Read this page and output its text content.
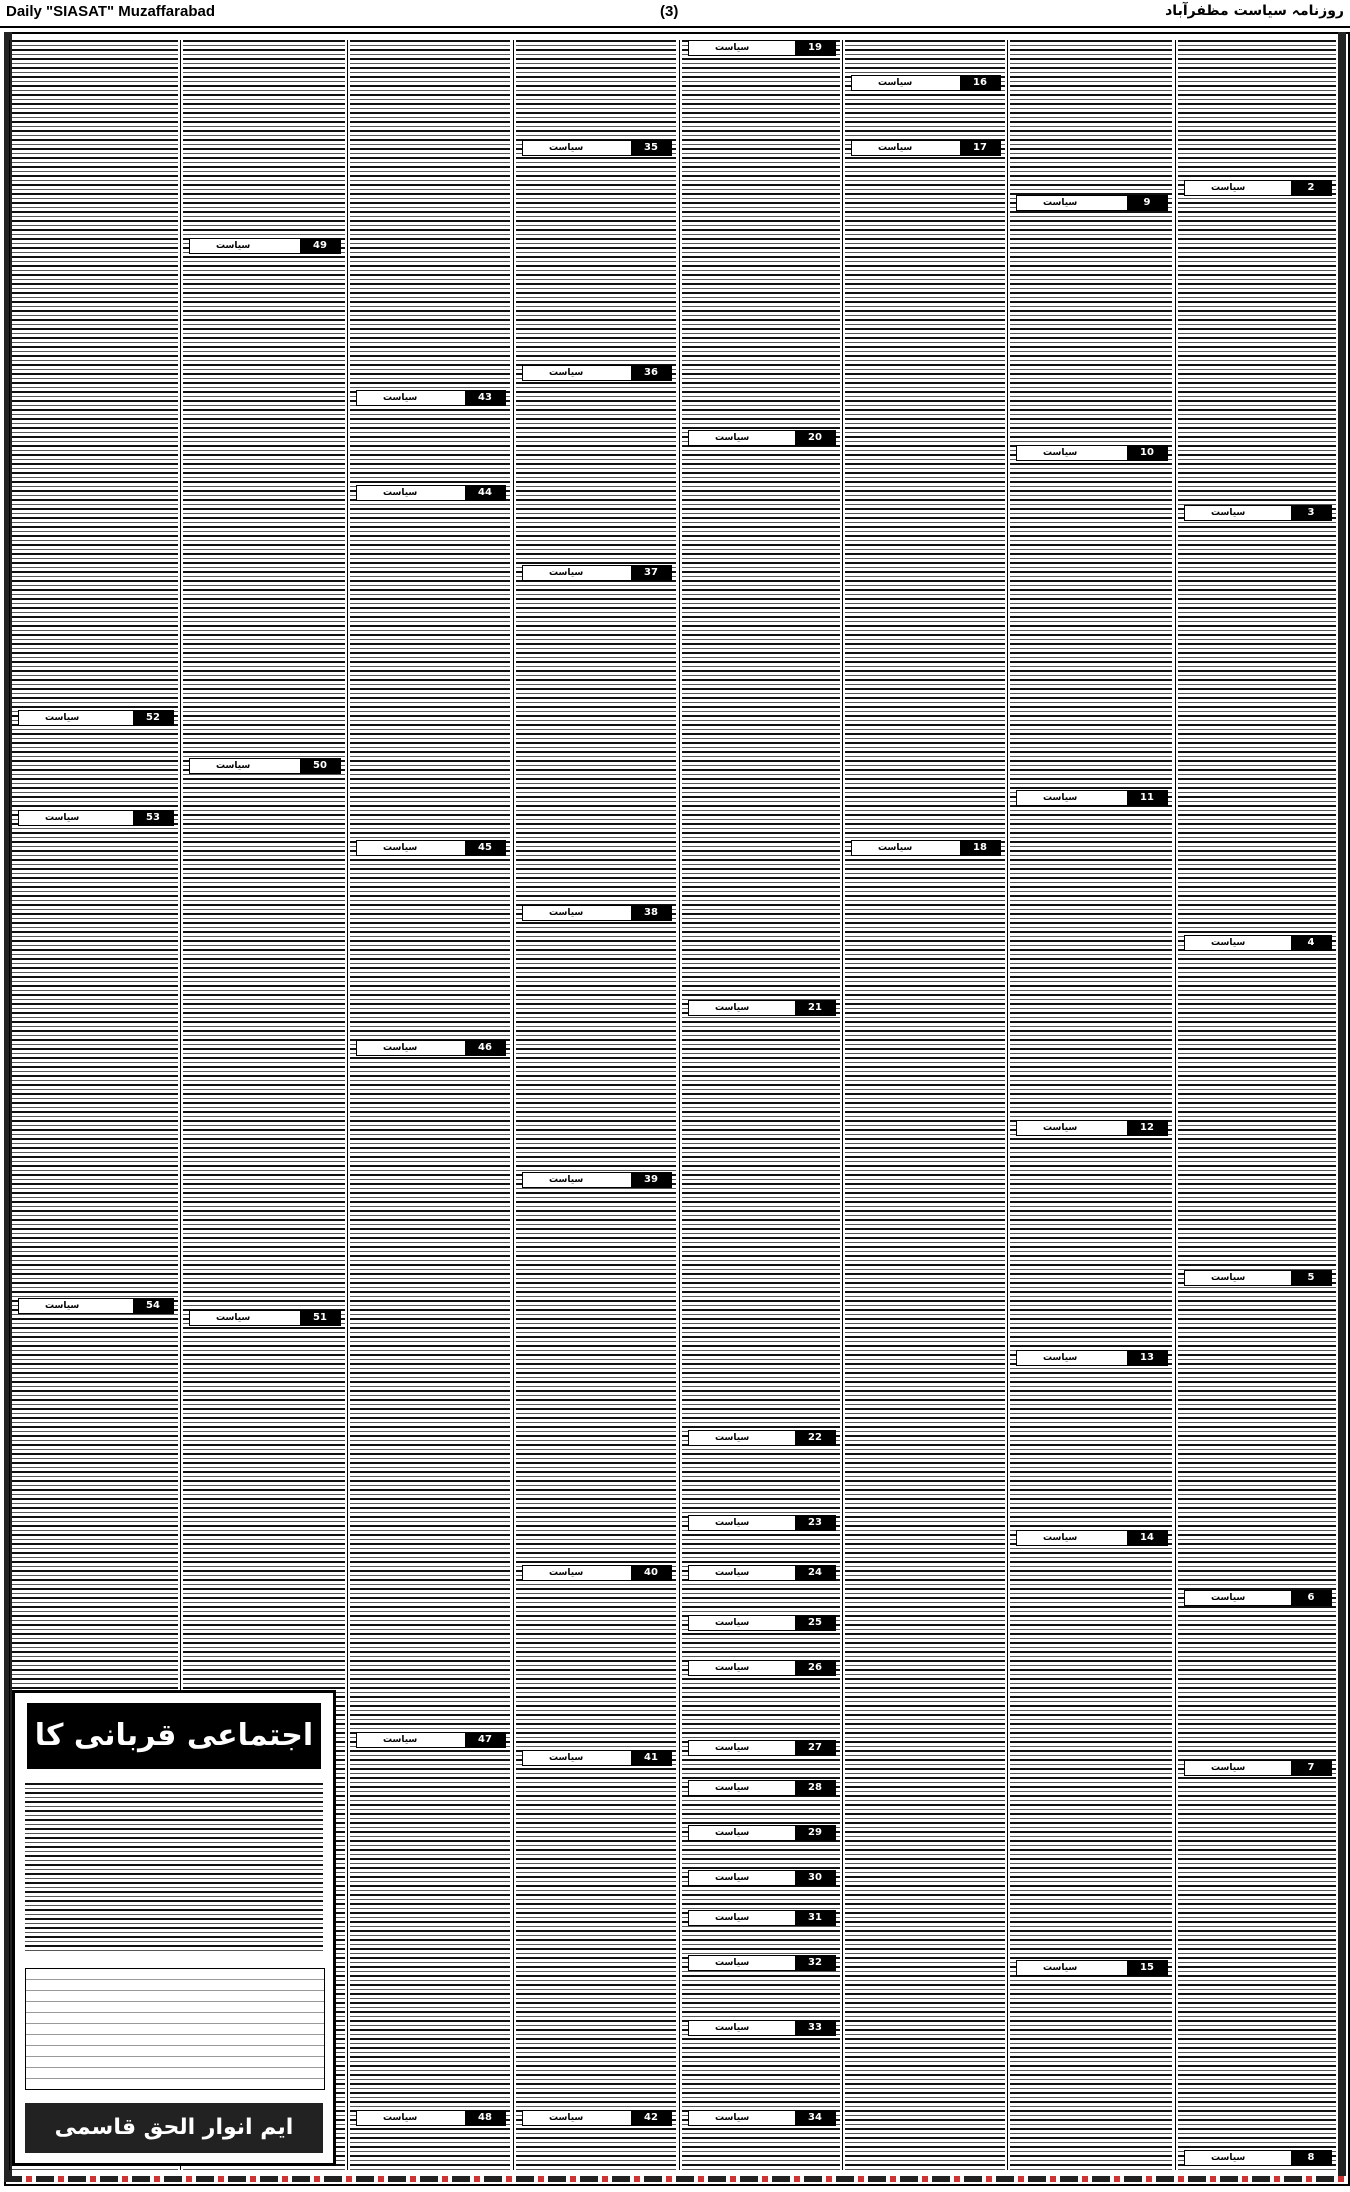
Daily "SIASAT" Muzaffarabad	(3)	روزنامہ سیاست مظفرآباد
سیاست	2
سیاست	3
سیاست	4
سیاست	5
سیاست	6
سیاست	7
سیاست	8
سیاست	9
سیاست	10
سیاست	11
سیاست	12
سیاست	13
سیاست	14
سیاست	15
سیاست	16
سیاست	17
سیاست	18
سیاست	19
سیاست	20
سیاست	21
سیاست	22
سیاست	23
سیاست	24
سیاست	25
سیاست	26
سیاست	27
سیاست	28
سیاست	29
سیاست	30
سیاست	31
سیاست	32
سیاست	33
سیاست	34
سیاست	35
سیاست	36
سیاست	37
سیاست	38
سیاست	39
سیاست	40
سیاست	41
سیاست	42
سیاست	43
سیاست	44
سیاست	45
سیاست	46
سیاست	47
سیاست	48
سیاست	49
سیاست	50
سیاست	51
سیاست	52
سیاست	53
سیاست	54
اجتماعی قربانی کا
ایم انوار الحق قاسمی
